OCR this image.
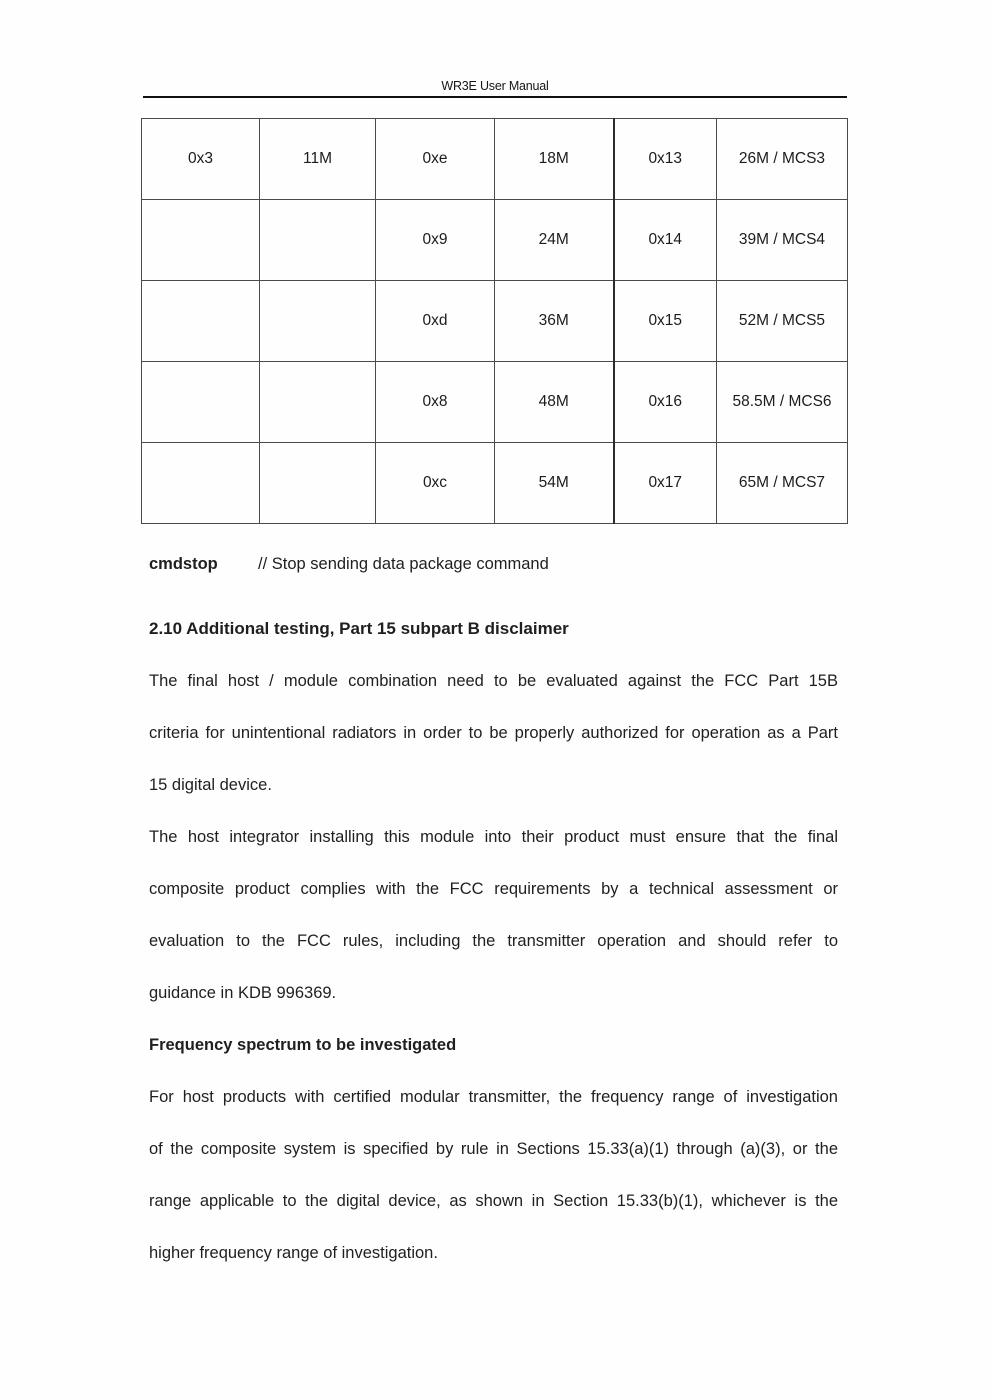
WR3E User Manual
0x3	11M	0xe	18M	0x13	26M / MCS3
		0x9	24M	0x14	39M / MCS4
		0xd	36M	0x15	52M / MCS5
		0x8	48M	0x16	58.5M / MCS6
		0xc	54M	0x17	65M / MCS7
cmdstop	// Stop sending data package command
2.10 Additional testing, Part 15 subpart B disclaimer
The final host / module combination need to be evaluated against the FCC Part 15B
criteria for unintentional radiators in order to be properly authorized for operation as a Part
15 digital device.
The host integrator installing this module into their product must ensure that the final
composite product complies with the FCC requirements by a technical assessment or
evaluation to the FCC rules, including the transmitter operation and should refer to
guidance in KDB 996369.
Frequency spectrum to be investigated
For host products with certified modular transmitter, the frequency range of investigation
of the composite system is specified by rule in Sections 15.33(a)(1) through (a)(3), or the
range applicable to the digital device, as shown in Section 15.33(b)(1), whichever is the
higher frequency range of investigation.
